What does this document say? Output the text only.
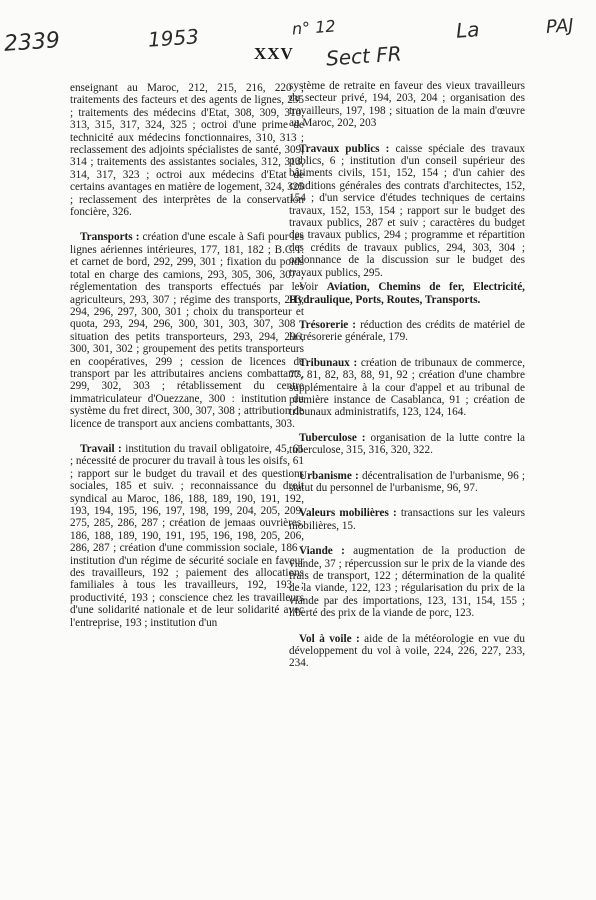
2339	1953	n° 12
Sect FR
La	PAJ
XXV

enseignant au Maroc, 212, 215, 216, 220 ; traitements des facteurs et des agents de lignes, 235 ; traitements des médecins d'Etat, 308, 309, 310, 313, 315, 317, 324, 325 ; octroi d'une prime de technicité aux médecins fonctionnaires, 310, 313 ; reclassement des adjoints spécialistes de santé, 309, 314 ; traitements des assistantes sociales, 312, 313, 314, 317, 323 ; octroi aux médecins d'Etat de certains avantages en matière de logement, 324, 325 ; reclassement des interprètes de la conservation foncière, 326.

Transports : création d'une escale à Safi pour les lignes aériennes intérieures, 177, 181, 182 ; B.C.T. et carnet de bord, 292, 299, 301 ; fixation du poids total en charge des camions, 293, 305, 306, 307 ; réglementation des transports effectués par les agriculteurs, 293, 307 ; régime des transports, 293, 294, 296, 297, 300, 301 ; choix du transporteur et quota, 293, 294, 296, 300, 301, 303, 307, 308 ; situation des petits transporteurs, 293, 294, 296, 300, 301, 302 ; groupement des petits transporteurs en coopératives, 299 ; cession de licences de transport par les attributaires anciens combattants, 299, 302, 303 ; rétablissement du centre immatriculateur d'Ouezzane, 300 : institution du système du fret direct, 300, 307, 308 ; attribution de licence de transport aux anciens combattants, 303.

Travail : institution du travail obligatoire, 45, 61 ; nécessité de procurer du travail à tous les oisifs, 61 ; rapport sur le budget du travail et des questions sociales, 185 et suiv. ; reconnaissance du droit syndical au Maroc, 186, 188, 189, 190, 191, 192, 193, 194, 195, 196, 197, 198, 199, 204, 205, 209, 275, 285, 286, 287 ; création de jemaas ouvrières, 186, 188, 189, 190, 191, 195, 196, 198, 205, 206, 286, 287 ; création d'une commission sociale, 186 ; institution d'un régime de sécurité sociale en faveur des travailleurs, 192 ; paiement des allocations familiales à tous les travailleurs, 192, 193 ; productivité, 193 ; conscience chez les travailleurs d'une solidarité nationale et de leur solidarité avec l'entreprise, 193 ; institution d'un

système de retraite en faveur des vieux travailleurs du secteur privé, 194, 203, 204 ; organisation des travailleurs, 197, 198 ; situation de la main d'œuvre au Maroc, 202, 203

Travaux publics : caisse spéciale des travaux publics, 6 ; institution d'un conseil supérieur des bâtiments civils, 151, 152, 154 ; d'un cahier des conditions générales des contrats d'architectes, 152, 154 ; d'un service d'études techniques de certains travaux, 152, 153, 154 ; rapport sur le budget des travaux publics, 287 et suiv ; caractères du budget des travaux publics, 294 ; programme et répartition des crédits de travaux publics, 294, 303, 304 ; ordonnance de la discussion sur le budget des travaux publics, 295.

Voir Aviation, Chemins de fer, Electricité, Hydraulique, Ports, Routes, Transports.

Trésorerie : réduction des crédits de matériel de la trésorerie générale, 179.

Tribunaux : création de tribunaux de commerce, 77, 81, 82, 83, 88, 91, 92 ; création d'une chambre supplémentaire à la cour d'appel et au tribunal de première instance de Casablanca, 91 ; création de tribunaux administratifs, 123, 124, 164.

Tuberculose : organisation de la lutte contre la tuberculose, 315, 316, 320, 322.

Urbanisme : décentralisation de l'urbanisme, 96 ; statut du personnel de l'urbanisme, 96, 97.

Valeurs mobilières : transactions sur les valeurs mobilières, 15.

Viande : augmentation de la production de viande, 37 ; répercussion sur le prix de la viande des frais de transport, 122 ; détermination de la qualité de la viande, 122, 123 ; régularisation du prix de la viande par des importations, 123, 131, 154, 155 ; liberté des prix de la viande de porc, 123.

Vol à voile : aide de la météorologie en vue du développement du vol à voile, 224, 226, 227, 233, 234.
